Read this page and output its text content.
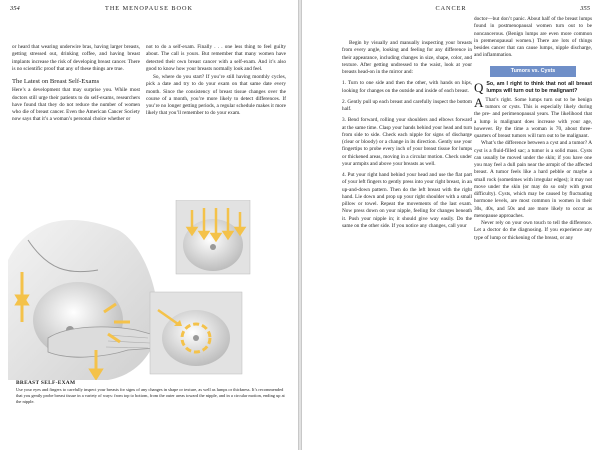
354	THE MENOPAUSE BOOK

or heard that wearing underwire bras, having larger breasts, getting stressed out, drinking coffee, and having breast implants increase the risk of developing breast cancer. There is no scientific proof that any of these things are true.

The Latest on Breast Self-Exams

Here’s a development that may surprise you. While most doctors still urge their patients to do self-exams, researchers have found that they do not reduce the number of women who die of breast cancer. Even the American Cancer Society now says that it’s a woman’s personal choice whether or

not to do a self-exam. Finally . . . one less thing to feel guilty about. The call is yours. But remember that many women have detected their own breast cancer with a self-exam. And it’s also good to know how your breasts normally look and feel.

So, where do you start? If you’re still having monthly cycles, pick a date and try to do your exam on that same date every month. Since the consistency of breast tissue changes over the course of a month, you’re more likely to detect differences. If you’re no longer getting periods, a regular schedule makes it more likely that you’ll remember to do your exam.

BREAST SELF-EXAM
Use your eyes and fingers to carefully inspect your breasts for signs of any changes in shape or texture, as well as lumps or thickness. It’s recommended that you gently probe breast tissue in a variety of ways: from top to bottom, from the outer areas toward the nipple, and in a circular motion, ending up at the nipple.
CANCER	355

Begin by visually and manually inspecting your breasts from every angle, looking and feeling for any difference in their appearance, including changes in size, shape, color, and texture. After getting undressed to the waist, look at your breasts head-on in the mirror and:

1. Turn to one side and then the other, with hands on hips, looking for changes on the outside and inside of each breast.

2. Gently pull up each breast and carefully inspect the bottom half.

3. Bend forward, rolling your shoulders and elbows forward at the same time. Clasp your hands behind your head and turn from side to side. Check each nipple for signs of discharge (clear or bloody) or a change in its direction. Gently use your fingertips to probe every inch of your breast tissue for lumps or thickened areas, moving in a circular motion. Check under your armpits and above your breasts as well.

4. Put your right hand behind your head and use the flat part of your left fingers to gently press into your right breast, in an up-and-down pattern. Then do the left breast with the right hand. Lie down and prop up your right shoulder with a small pillow or towel. Repeat the movements of the last exam. Now press down on your nipple, feeling for changes beneath it. Push your nipple in; it should give way easily. Do the same on the other side. If you notice any changes, call your

doctor—but don’t panic. About half of the breast lumps found in postmenopausal women turn out to be noncancerous. (Benign lumps are even more common in premenopausal women.) There are lots of things besides cancer that can cause lumps, nipple discharge, and inflammation.

Tumors vs. Cysts
Q So, am I right to think that not all breast lumps will turn out to be malignant?
A That’s right. Some lumps turn out to be benign tumors or cysts. This is especially likely during the pre- and perimenopausal years. The likelihood that a lump is malignant does increase with your age, however. By the time a woman is 70, about three-quarters of breast tumors will turn out to be malignant.

What’s the difference between a cyst and a tumor? A cyst is a fluid-filled sac; a tumor is a solid mass. Cysts can usually be moved under the skin; if you have one you may feel a dull pain near the armpit of the affected breast. A tumor feels like a hard pebble or maybe a small rock (sometimes with irregular edges); it may not move under the skin (or may do so only with great difficulty). Cysts, which may be caused by fluctuating hormone levels, are most common in women in their 30s, 40s, and 50s and are more likely to occur as menopause approaches.

Never rely on your own touch to tell the difference. Let a doctor do the diagnosing. If you experience any type of lump or thickening of the breast, or any
